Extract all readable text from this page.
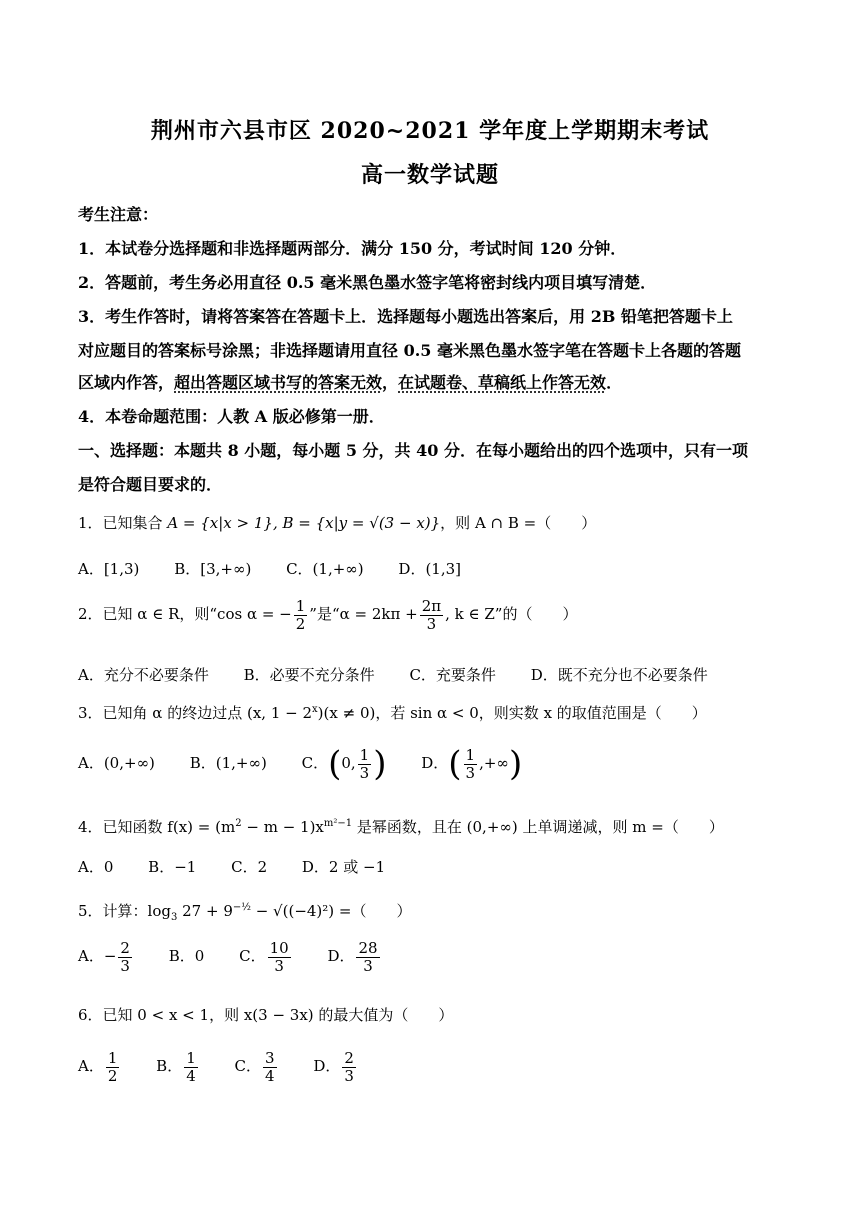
荆州市六县市区 2020~2021 学年度上学期期末考试
高一数学试题
考生注意：
1．本试卷分选择题和非选择题两部分．满分 150 分，考试时间 120 分钟．
2．答题前，考生务必用直径 0.5 毫米黑色墨水签字笔将密封线内项目填写清楚．
3．考生作答时，请将答案答在答题卡上．选择题每小题选出答案后，用 2B 铅笔把答题卡上
对应题目的答案标号涂黑；非选择题请用直径 0.5 毫米黑色墨水签字笔在答题卡上各题的答题
区域内作答，超出答题区域书写的答案无效，在试题卷、草稿纸上作答无效．
4．本卷命题范围：人教 A 版必修第一册．
一、选择题：本题共 8 小题，每小题 5 分，共 40 分．在每小题给出的四个选项中，只有一项
是符合题目要求的．
1．已知集合 A = {x|x > 1}, B = {x|y = √(3 − x)}，则 A ∩ B =（　　）
A．[1,3) B．[3,+∞) C．(1,+∞) D．(1,3]
2．已知 α ∈ R，则“cos α = − $\frac{1}{2}$ ”是“$\alpha = 2k\pi + \frac{2\pi}{3}$ , k ∈ Z”的（　　）
A．充分不必要条件 B．必要不充分条件 C．充要条件 D．既不充分也不必要条件
3．已知角 α 的终边过点 (x, $1 - 2^x)(x \ne 0)$，若 sin α < 0，则实数 x 的取值范围是（　　）
A．(0,+∞) B．(1,+∞) C．(0, $\frac{1}{3}$ ) D．( $\frac{1}{3}$ ,+∞)
4．已知函数 $f(x) = (m^2 - m - 1)x^{m^2-1}$ 是幂函数，且在 (0,+∞) 上单调递减，则 m =（　　）
A．0 B．−1 C．2 D．2 或 −1
5．计算：$\log_3 27 + 9^{-\frac{1}{2}} - √((-4)^2)$ =（　　）
A．− $\frac{2}{3}$ B．0 C． $\frac{10}{3}$ D． $\frac{28}{3}$
6．已知 0 < x < 1，则 x(3 − 3x) 的最大值为（　　）
A． $\frac{1}{2}$ B． $\frac{1}{4}$ C． $\frac{3}{4}$ D． $\frac{2}{3}$
